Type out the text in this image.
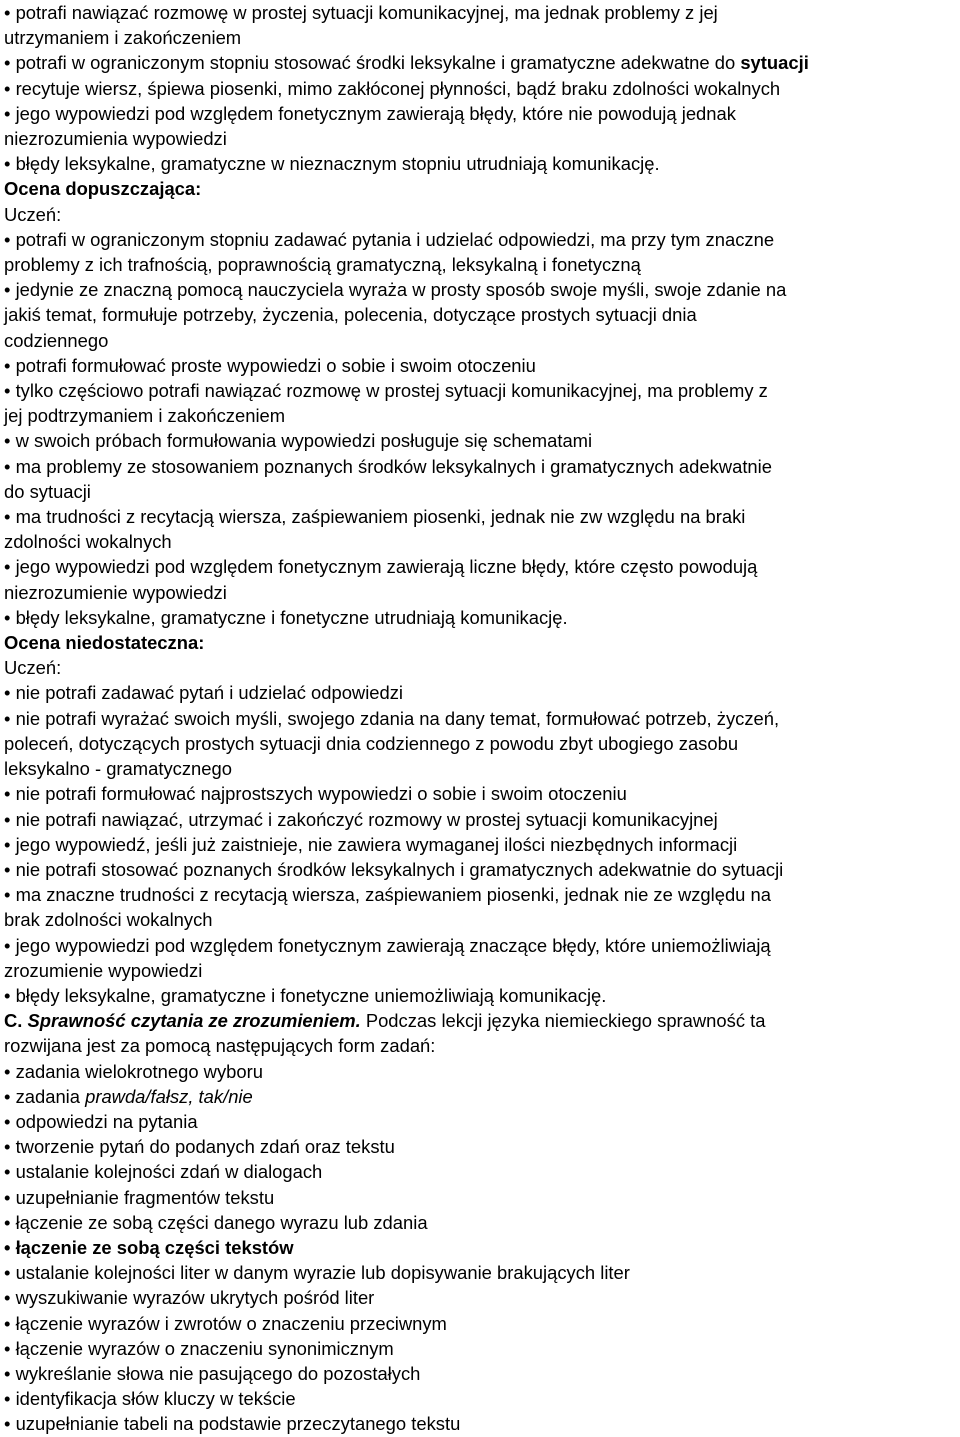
• potrafi nawiązać rozmowę w prostej sytuacji komunikacyjnej, ma jednak problemy z jej
utrzymaniem i zakończeniem
• potrafi w ograniczonym stopniu stosować środki leksykalne i gramatyczne adekwatne do sytuacji
• recytuje wiersz, śpiewa piosenki, mimo zakłóconej płynności, bądź braku zdolności wokalnych
• jego wypowiedzi pod względem fonetycznym zawierają błędy, które nie powodują jednak
niezrozumienia wypowiedzi
• błędy leksykalne, gramatyczne w nieznacznym stopniu utrudniają komunikację.
Ocena dopuszczająca:
Uczeń:
• potrafi w ograniczonym stopniu zadawać pytania i udzielać odpowiedzi, ma przy tym znaczne
problemy z ich trafnością, poprawnością gramatyczną, leksykalną i fonetyczną
• jedynie ze znaczną pomocą nauczyciela wyraża w prosty sposób swoje myśli, swoje zdanie na
jakiś temat, formułuje potrzeby, życzenia, polecenia, dotyczące prostych sytuacji dnia
codziennego
• potrafi formułować proste wypowiedzi o sobie i swoim otoczeniu
• tylko częściowo potrafi nawiązać rozmowę w prostej sytuacji komunikacyjnej, ma problemy z
jej podtrzymaniem i zakończeniem
• w swoich próbach formułowania wypowiedzi posługuje się schematami
• ma problemy ze stosowaniem poznanych środków leksykalnych i gramatycznych adekwatnie
do sytuacji
• ma trudności z recytacją wiersza, zaśpiewaniem piosenki, jednak nie zw względu na braki
zdolności wokalnych
• jego wypowiedzi pod względem fonetycznym zawierają liczne błędy, które często powodują
niezrozumienie wypowiedzi
• błędy leksykalne, gramatyczne i fonetyczne utrudniają komunikację.
Ocena niedostateczna:
Uczeń:
• nie potrafi zadawać pytań i udzielać odpowiedzi
• nie potrafi wyrażać swoich myśli, swojego zdania na dany temat, formułować potrzeb, życzeń,
poleceń, dotyczących prostych sytuacji dnia codziennego z powodu zbyt ubogiego zasobu
leksykalno - gramatycznego
• nie potrafi formułować najprostszych wypowiedzi o sobie i swoim otoczeniu
• nie potrafi nawiązać, utrzymać i zakończyć rozmowy w prostej sytuacji komunikacyjnej
• jego wypowiedź, jeśli już zaistnieje, nie zawiera wymaganej ilości niezbędnych informacji
• nie potrafi stosować poznanych środków leksykalnych i gramatycznych adekwatnie do sytuacji
• ma znaczne trudności z recytacją wiersza, zaśpiewaniem piosenki, jednak nie ze względu na
brak zdolności wokalnych
• jego wypowiedzi pod względem fonetycznym zawierają znaczące błędy, które uniemożliwiają
zrozumienie wypowiedzi
• błędy leksykalne, gramatyczne i fonetyczne uniemożliwiają komunikację.
C. Sprawność czytania ze zrozumieniem. Podczas lekcji języka niemieckiego sprawność ta
rozwijana jest za pomocą następujących form zadań:
• zadania wielokrotnego wyboru
• zadania prawda/fałsz, tak/nie
• odpowiedzi na pytania
• tworzenie pytań do podanych zdań oraz tekstu
• ustalanie kolejności zdań w dialogach
• uzupełnianie fragmentów tekstu
• łączenie ze sobą części danego wyrazu lub zdania
• łączenie ze sobą części tekstów
• ustalanie kolejności liter w danym wyrazie lub dopisywanie brakujących liter
• wyszukiwanie wyrazów ukrytych pośród liter
• łączenie wyrazów i zwrotów o znaczeniu przeciwnym
• łączenie wyrazów o znaczeniu synonimicznym
• wykreślanie słowa nie pasującego do pozostałych
• identyfikacja słów kluczy w tekście
• uzupełnianie tabeli na podstawie przeczytanego tekstu
